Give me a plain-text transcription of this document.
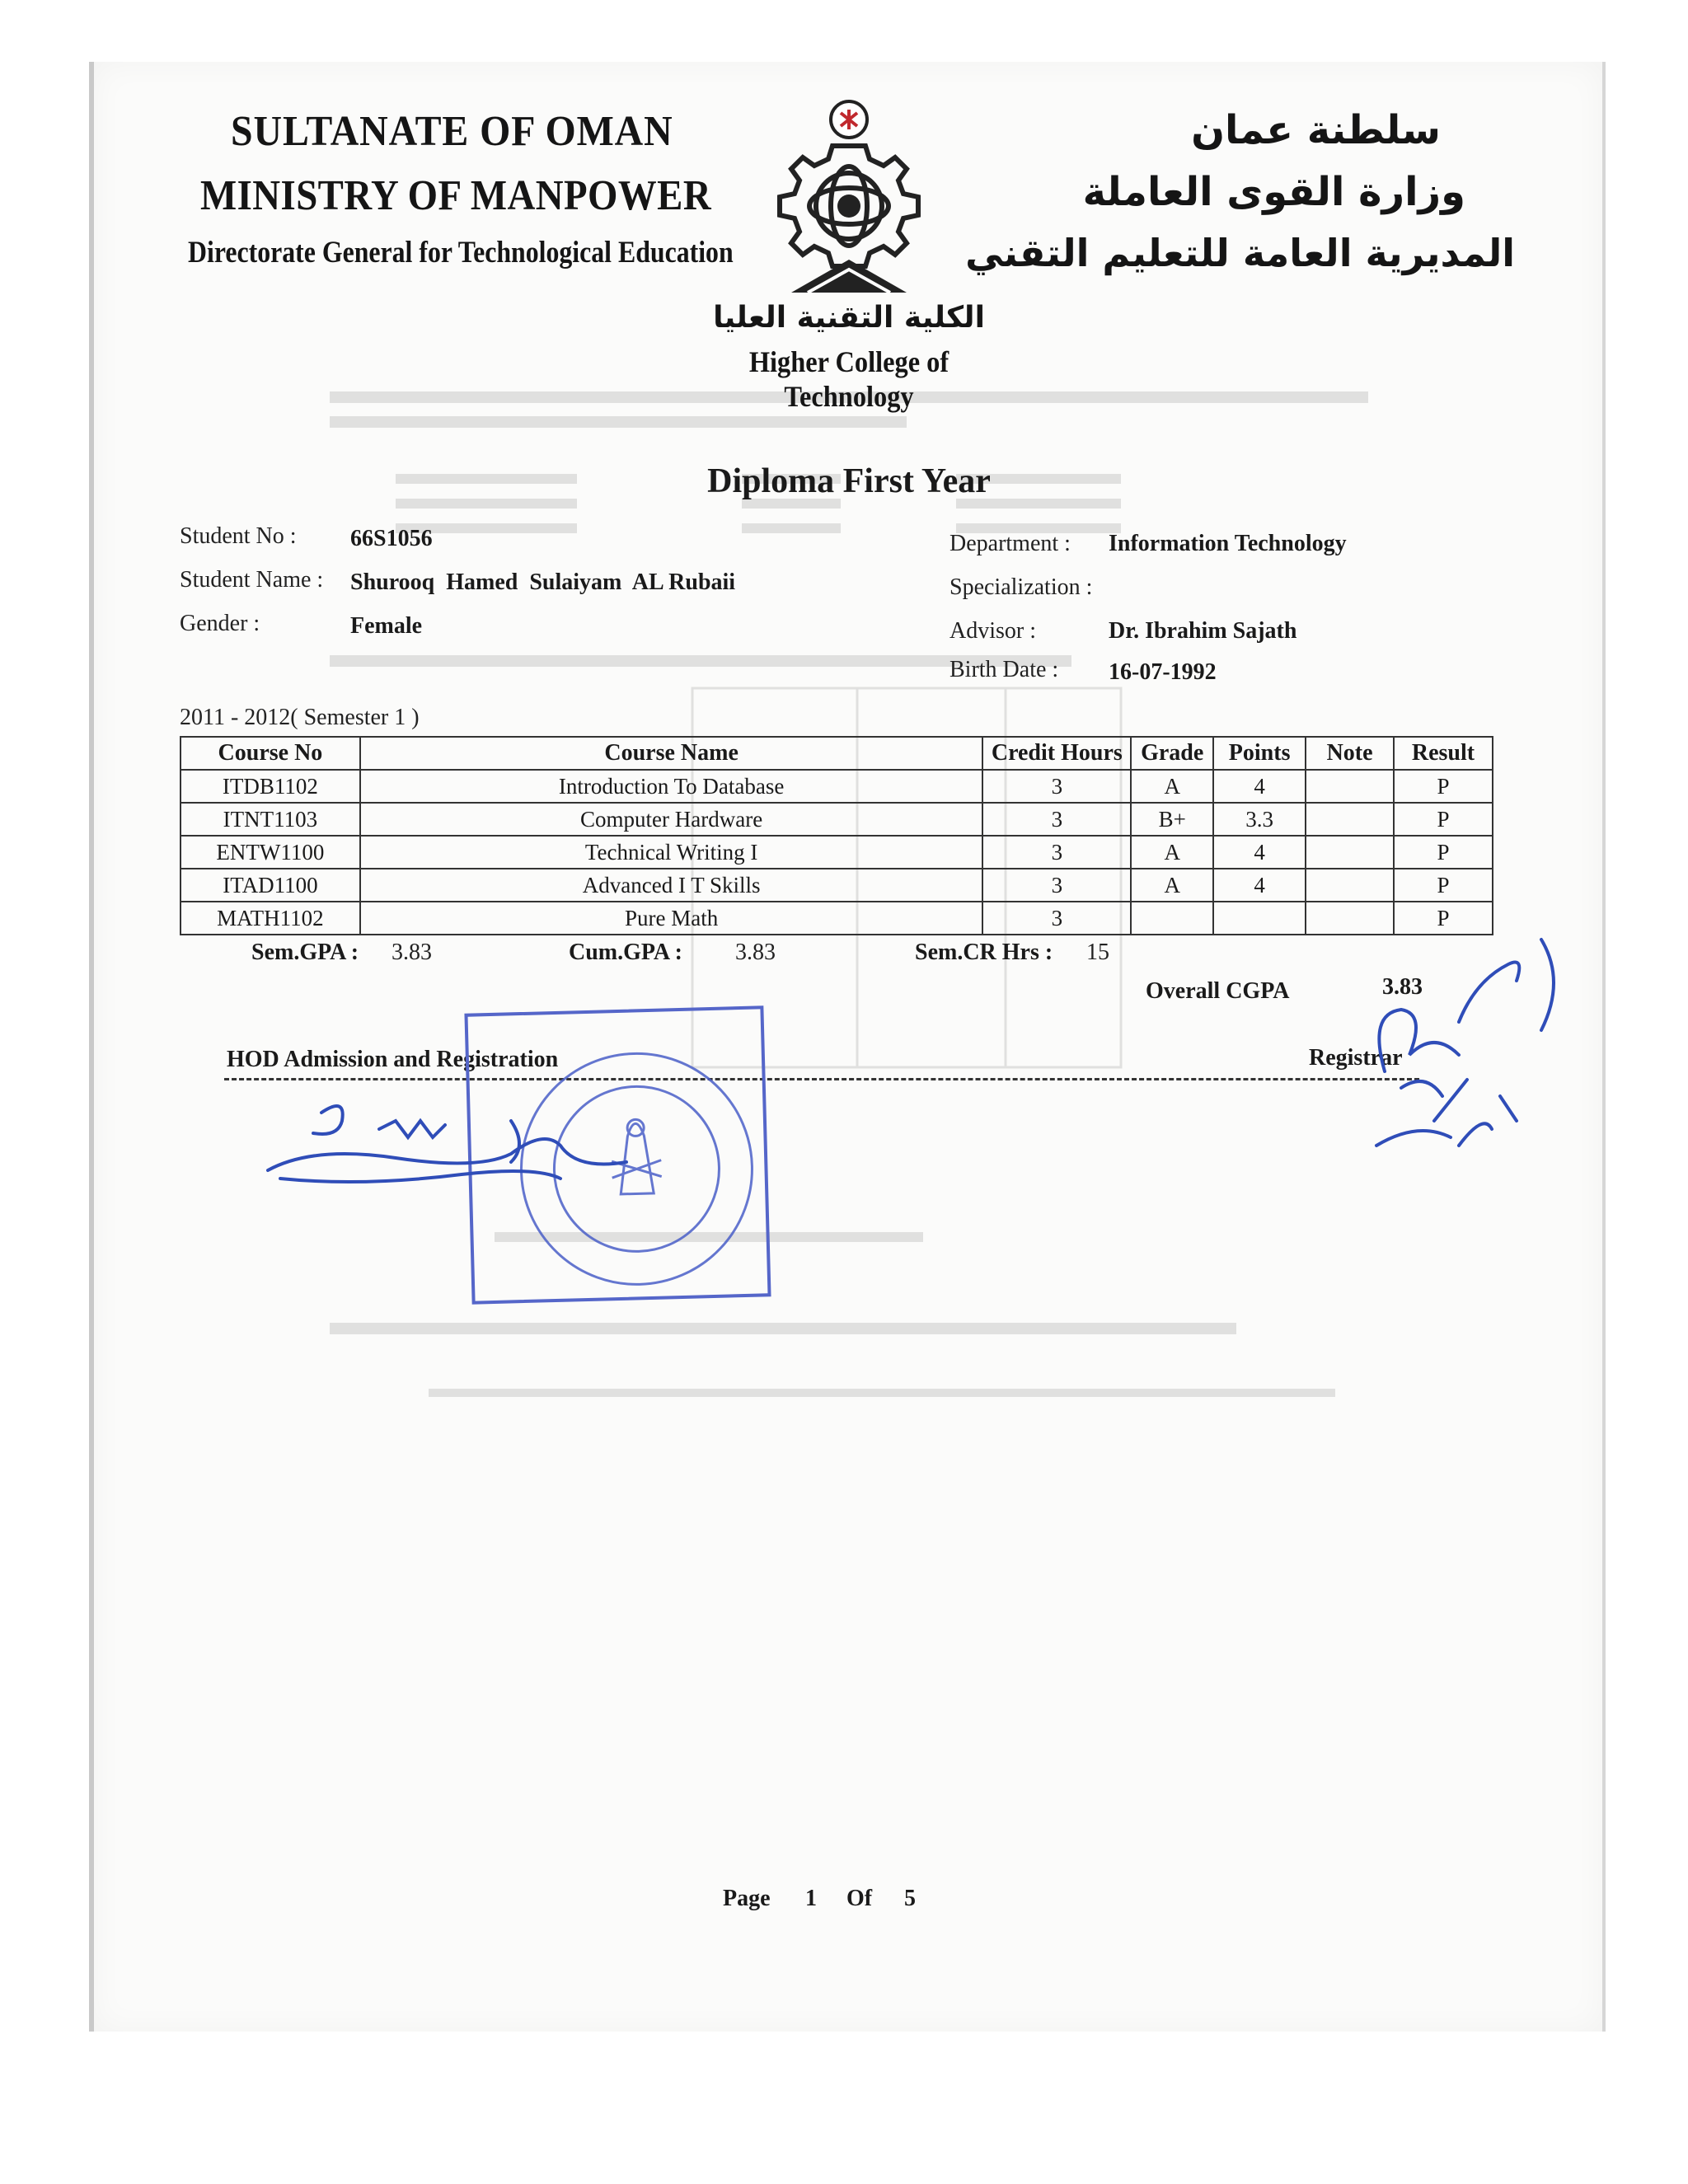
SULTANATE OF OMAN
MINISTRY OF MANPOWER
Directorate General for Technological Education
سلطنة عمان
وزارة القوى العاملة
المديرية العامة للتعليم التقني
الكلية التقنية العليا
Higher College of Technology
Diploma First Year
Student No : 66S1056
Student Name : Shurooq  Hamed  Sulaiyam  AL Rubaii
Gender :	Female
Department : Information Technology
Specialization :
Advisor :	Dr. Ibrahim Sajath
Birth Date : 16-07-1992
2011 - 2012( Semester 1 )
Course No	Course Name	Credit Hours	Grade	Points	Note	Result
ITDB1102	Introduction To Database	3	A	4		P
ITNT1103	Computer Hardware	3	B+	3.3		P
ENTW1100	Technical Writing I	3	A	4		P
ITAD1100	Advanced I T Skills	3	A	4		P
MATH1102	Pure Math	3				P
Sem.GPA : 3.83	Cum.GPA : 3.83	Sem.CR Hrs : 15
Overall CGPA	3.83
HOD Admission and Registration	Registrar
Page 1 Of 5
